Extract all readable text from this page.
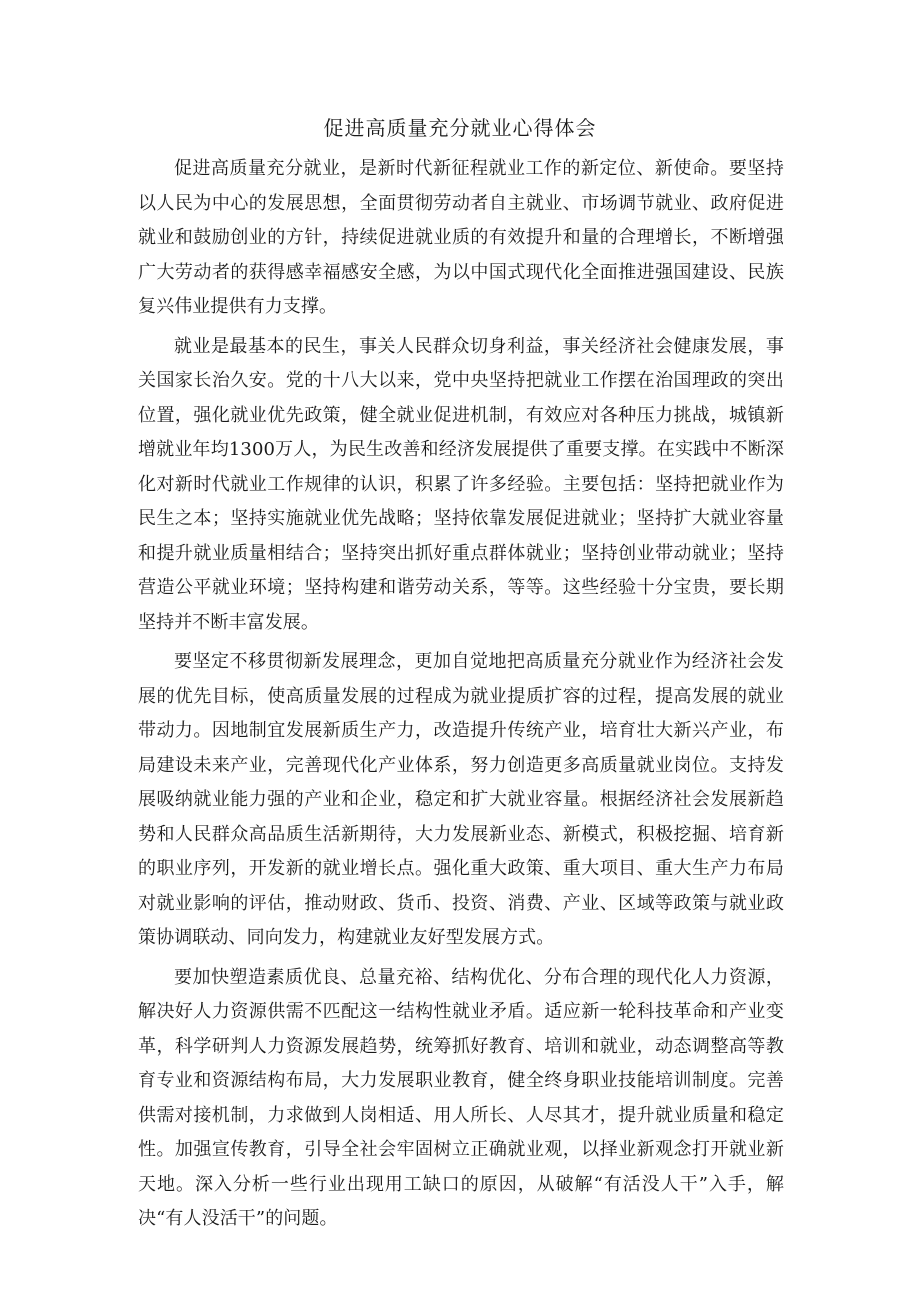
促进高质量充分就业心得体会

促进高质量充分就业，是新时代新征程就业工作的新定位、新使命。要坚持以人民为中心的发展思想，全面贯彻劳动者自主就业、市场调节就业、政府促进就业和鼓励创业的方针，持续促进就业质的有效提升和量的合理增长，不断增强广大劳动者的获得感幸福感安全感，为以中国式现代化全面推进强国建设、民族复兴伟业提供有力支撑。

就业是最基本的民生，事关人民群众切身利益，事关经济社会健康发展，事关国家长治久安。党的十八大以来，党中央坚持把就业工作摆在治国理政的突出位置，强化就业优先政策，健全就业促进机制，有效应对各种压力挑战，城镇新增就业年均1300万人，为民生改善和经济发展提供了重要支撑。在实践中不断深化对新时代就业工作规律的认识，积累了许多经验。主要包括：坚持把就业作为民生之本；坚持实施就业优先战略；坚持依靠发展促进就业；坚持扩大就业容量和提升就业质量相结合；坚持突出抓好重点群体就业；坚持创业带动就业；坚持营造公平就业环境；坚持构建和谐劳动关系，等等。这些经验十分宝贵，要长期坚持并不断丰富发展。

要坚定不移贯彻新发展理念，更加自觉地把高质量充分就业作为经济社会发展的优先目标，使高质量发展的过程成为就业提质扩容的过程，提高发展的就业带动力。因地制宜发展新质生产力，改造提升传统产业，培育壮大新兴产业，布局建设未来产业，完善现代化产业体系，努力创造更多高质量就业岗位。支持发展吸纳就业能力强的产业和企业，稳定和扩大就业容量。根据经济社会发展新趋势和人民群众高品质生活新期待，大力发展新业态、新模式，积极挖掘、培育新的职业序列，开发新的就业增长点。强化重大政策、重大项目、重大生产力布局对就业影响的评估，推动财政、货币、投资、消费、产业、区域等政策与就业政策协调联动、同向发力，构建就业友好型发展方式。

要加快塑造素质优良、总量充裕、结构优化、分布合理的现代化人力资源，解决好人力资源供需不匹配这一结构性就业矛盾。适应新一轮科技革命和产业变革，科学研判人力资源发展趋势，统筹抓好教育、培训和就业，动态调整高等教育专业和资源结构布局，大力发展职业教育，健全终身职业技能培训制度。完善供需对接机制，力求做到人岗相适、用人所长、人尽其才，提升就业质量和稳定性。加强宣传教育，引导全社会牢固树立正确就业观，以择业新观念打开就业新天地。深入分析一些行业出现用工缺口的原因，从破解“有活没人干”入手，解决“有人没活干”的问题。
